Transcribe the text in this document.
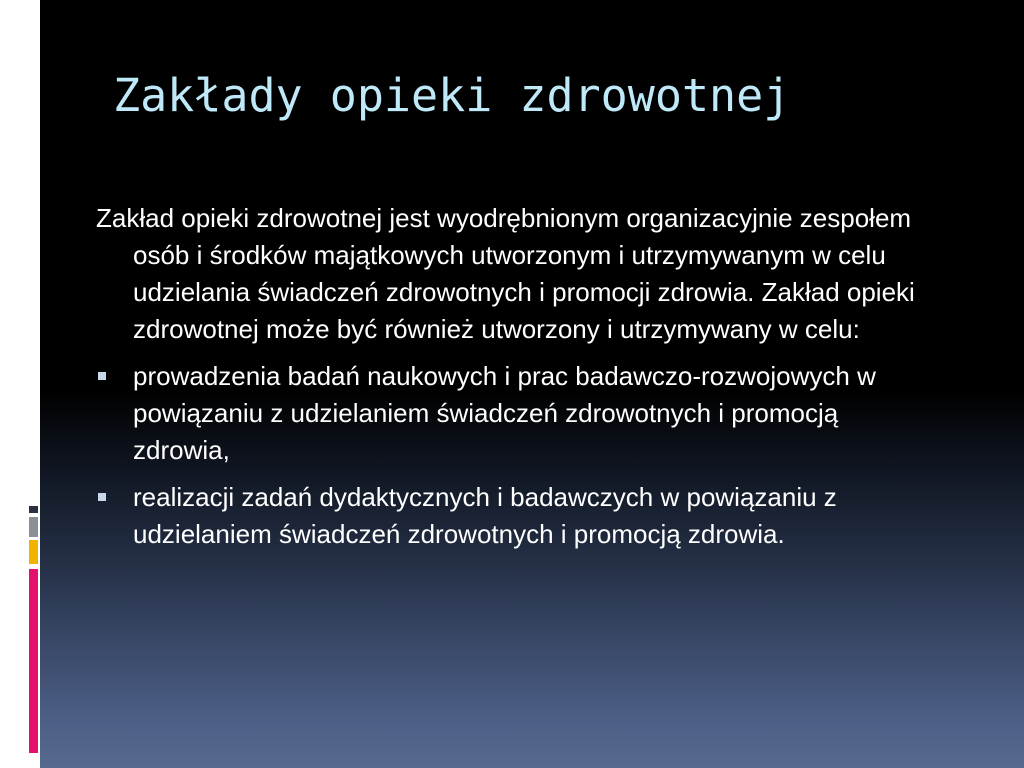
Zakłady opieki zdrowotnej

Zakład opieki zdrowotnej jest wyodrębnionym organizacyjnie zespołem osób i środków majątkowych utworzonym i utrzymywanym w celu udzielania świadczeń zdrowotnych i promocji zdrowia. Zakład opieki zdrowotnej może być również utworzony i utrzymywany w celu:

prowadzenia badań naukowych i prac badawczo-rozwojowych w powiązaniu z udzielaniem świadczeń zdrowotnych i promocją zdrowia,
realizacji zadań dydaktycznych i badawczych w powiązaniu z udzielaniem świadczeń zdrowotnych i promocją zdrowia.
